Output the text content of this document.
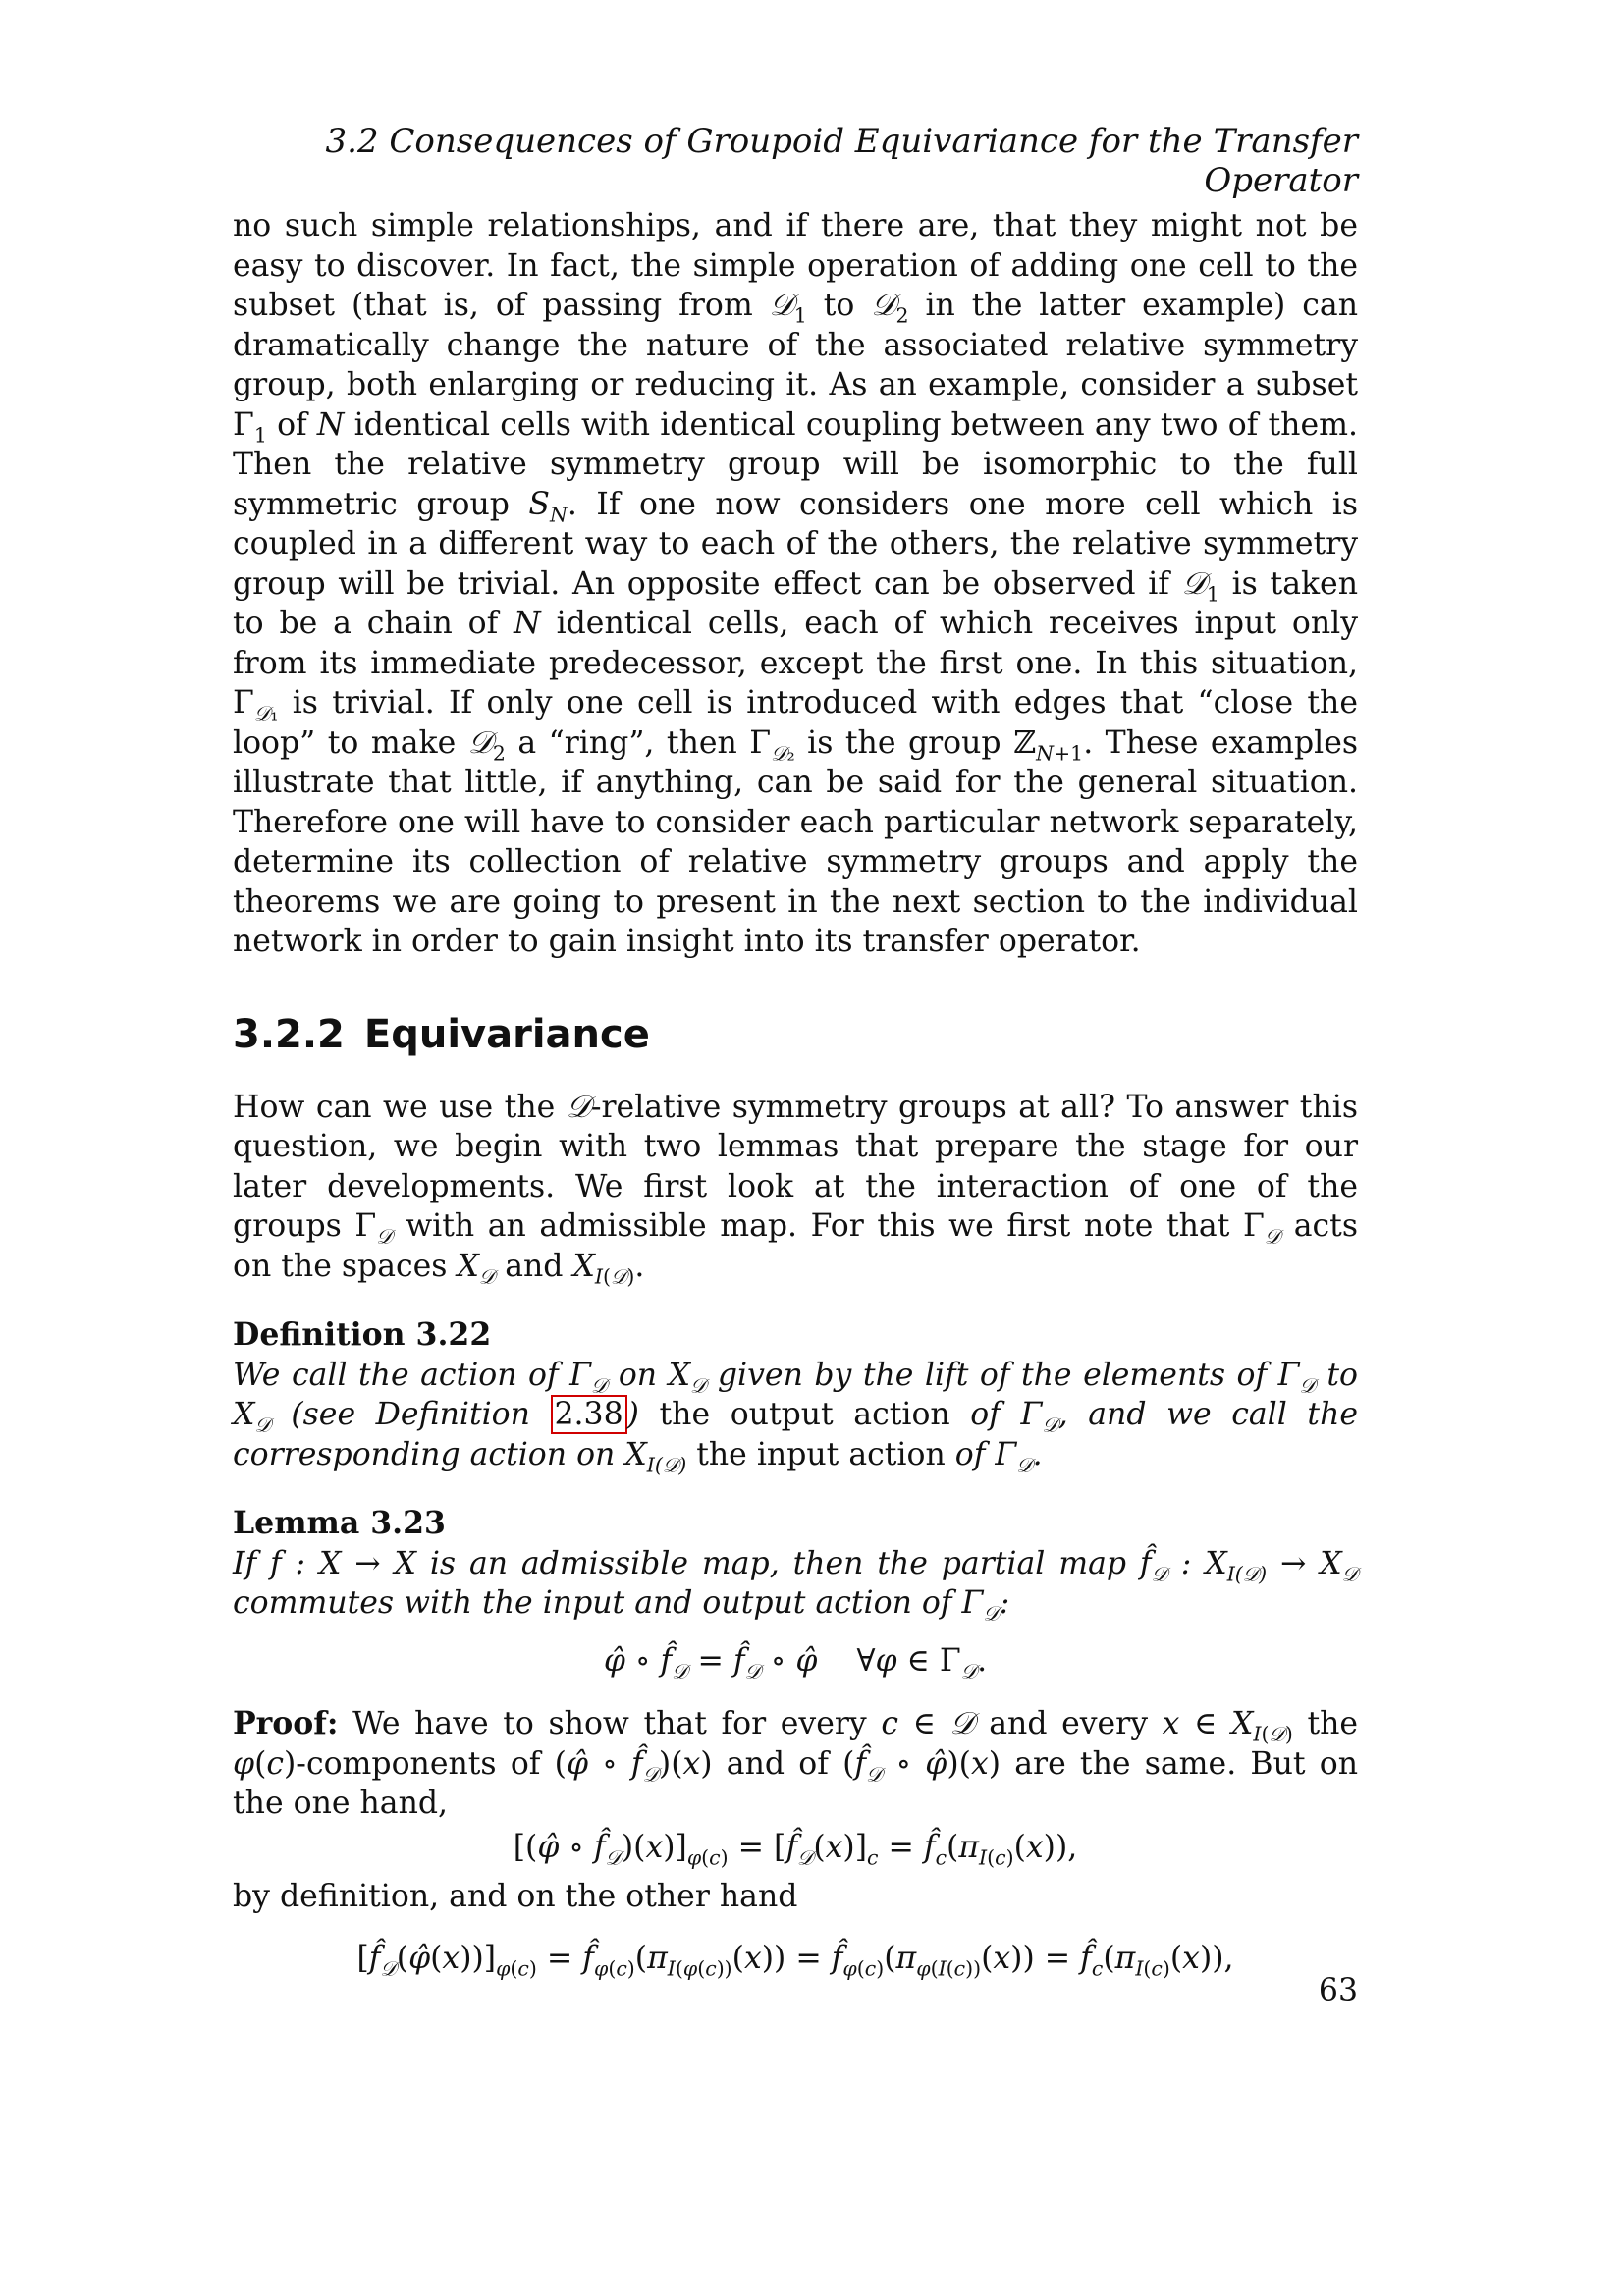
3.2 Consequences of Groupoid Equivariance for the Transfer Operator

no such simple relationships, and if there are, that they might not be easy to discover. In fact, the simple operation of adding one cell to the subset (that is, of passing from 𝒟$_1$ to 𝒟$_2$ in the latter example) can dramatically change the nature of the associated relative symmetry group, both enlarging or reducing it. As an example, consider a subset $\Gamma_1$ of N identical cells with identical coupling between any two of them. Then the relative symmetry group will be isomorphic to the full symmetric group $S_N$. If one now considers one more cell which is coupled in a different way to each of the others, the relative symmetry group will be trivial. An opposite effect can be observed if 𝒟$_1$ is taken to be a chain of N identical cells, each of which receives input only from its immediate predecessor, except the first one. In this situation, $\Gamma_{𝒟_1}$ is trivial. If only one cell is introduced with edges that “close the loop” to make 𝒟$_2$ a “ring”, then $\Gamma_{𝒟_2}$ is the group ℤ$_{N+1}$. These examples illustrate that little, if anything, can be said for the general situation. Therefore one will have to consider each particular network separately, determine its collection of relative symmetry groups and apply the theorems we are going to present in the next section to the individual network in order to gain insight into its transfer operator.

3.2.2 Equivariance

How can we use the 𝒟-relative symmetry groups at all? To answer this question, we begin with two lemmas that prepare the stage for our later developments. We first look at the interaction of one of the groups $\Gamma_𝒟$ with an admissible map. For this we first note that $\Gamma_𝒟$ acts on the spaces $X_𝒟$ and $X_{I(𝒟)}$.

Definition 3.22
We call the action of $\Gamma_𝒟$ on $X_𝒟$ given by the lift of the elements of $\Gamma_𝒟$ to $X_𝒟$ (see Definition 2.38 ) the output action of $\Gamma_𝒟$, and we call the corresponding action on $X_{I(𝒟)}$ the input action of $\Gamma_𝒟$.
Lemma 3.23
If f : X → X is an admissible map, then the partial map $f̂_𝒟$ : $X_{I(𝒟)} \to X_𝒟$ commutes with the input and output action of $\Gamma_𝒟$:
φ̂ ∘ $f̂_𝒟$ = $f̂_𝒟$ ∘ φ̂ ∀φ ∈ $\Gamma_𝒟$.

Proof: We have to show that for every c ∈ 𝒟 and every x ∈ $X_{I(𝒟)}$ the φ(c)-components of (φ̂ ∘ $f̂_𝒟)(x)$ and of ($f̂_𝒟$ ∘ φ̂)(x) are the same. But on the one hand,

[(φ̂ ∘ $f̂_𝒟)(x)]_{\varphi(c)}$ = $[f̂_𝒟(x)]_c$ = $f̂_c(\pi_{I(c)}(x))$,

by definition, and on the other hand

$[f̂_𝒟(\varphî(x))]_{\varphi(c)}$ = $f̂_{\varphi(c)}(\pi_{I(\varphi(c))}(x))$ = $f̂_{\varphi(c)}(\pi_{\varphi(I(c))}(x))$ = $f̂_c(\pi_{I(c)}(x))$,
63
